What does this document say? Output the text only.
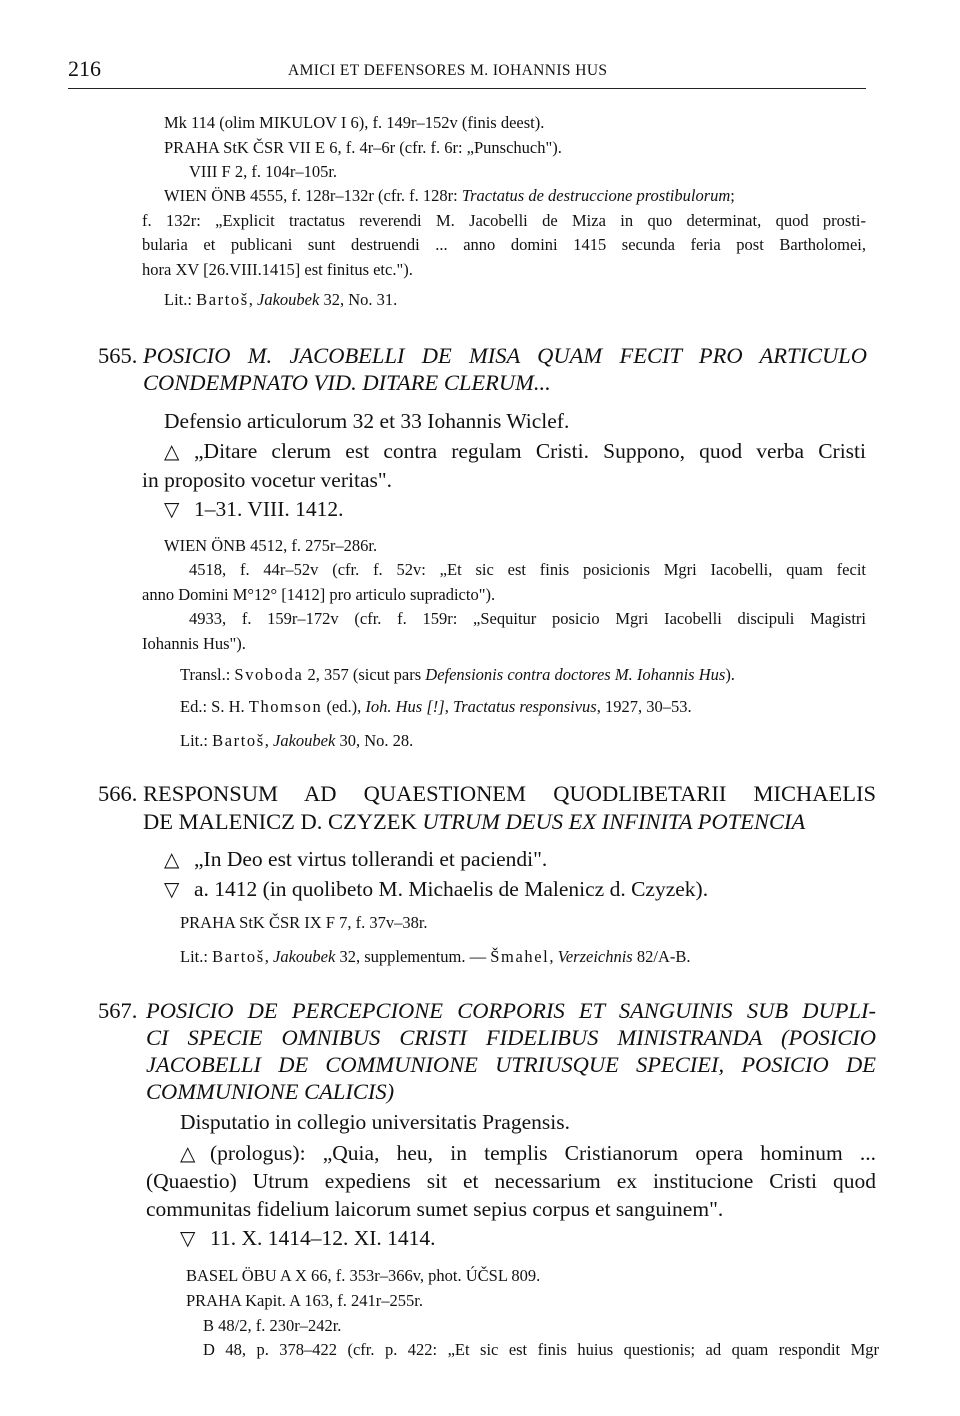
216	AMICI ET DEFENSORES M. IOHANNIS HUS
Mk 114 (olim MIKULOV I 6), f. 149r–152v (finis deest).
PRAHA StK ČSR VII E 6, f. 4r–6r (cfr. f. 6r: „Punschuch").
VIII F 2, f. 104r–105r.
WIEN ÖNB 4555, f. 128r–132r (cfr. f. 128r: Tractatus de destruccione prostibulorum;
f. 132r: „Explicit tractatus reverendi M. Jacobelli de Miza in quo determinat, quod prosti-
bularia et publicani sunt destruendi ... anno domini 1415 secunda feria post Bartholomei,
hora XV [26.VIII.1415] est finitus etc.").
Lit.: Bartoš, Jakoubek 32, No. 31.
565. POSICIO M. JACOBELLI DE MISA QUAM FECIT PRO ARTICULO
CONDEMPNATO VID. DITARE CLERUM...
Defensio articulorum 32 et 33 Iohannis Wiclef.
△ „Ditare clerum est contra regulam Cristi. Suppono, quod verba Cristi
in proposito vocetur veritas".
▽ 1–31. VIII. 1412.
WIEN ÖNB 4512, f. 275r–286r.
4518, f. 44r–52v (cfr. f. 52v: „Et sic est finis posicionis Mgri Iacobelli, quam fecit
anno Domini M°12° [1412] pro articulo supradicto").
4933, f. 159r–172v (cfr. f. 159r: „Sequitur posicio Mgri Iacobelli discipuli Magistri
Iohannis Hus").
Transl.: Svoboda 2, 357 (sicut pars Defensionis contra doctores M. Iohannis Hus).
Ed.: S. H. Thomson (ed.), Ioh. Hus [!], Tractatus responsivus, 1927, 30–53.
Lit.: Bartoš, Jakoubek 30, No. 28.
566. RESPONSUM AD QUAESTIONEM QUODLIBETARII MICHAELIS
DE MALENICZ D. CZYZEK UTRUM DEUS EX INFINITA POTENCIA
△ „In Deo est virtus tollerandi et paciendi".
▽ a. 1412 (in quolibeto M. Michaelis de Malenicz d. Czyzek).
PRAHA StK ČSR IX F 7, f. 37v–38r.
Lit.: Bartoš, Jakoubek 32, supplementum. — Šmahel, Verzeichnis 82/A-B.
567. POSICIO DE PERCEPCIONE CORPORIS ET SANGUINIS SUB DUPLI-
CI SPECIE OMNIBUS CRISTI FIDELIBUS MINISTRANDA (POSICIO
JACOBELLI DE COMMUNIONE UTRIUSQUE SPECIEI, POSICIO DE
COMMUNIONE CALICIS)
Disputatio in collegio universitatis Pragensis.
△ (prologus): „Quia, heu, in templis Cristianorum opera hominum ...
(Quaestio) Utrum expediens sit et necessarium ex institucione Cristi quod
communitas fidelium laicorum sumet sepius corpus et sanguinem".
▽ 11. X. 1414–12. XI. 1414.
BASEL ÖBU A X 66, f. 353r–366v, phot. ÚČSL 809.
PRAHA Kapit. A 163, f. 241r–255r.
B 48/2, f. 230r–242r.
D 48, p. 378–422 (cfr. p. 422: „Et sic est finis huius questionis; ad quam respondit Mgr
